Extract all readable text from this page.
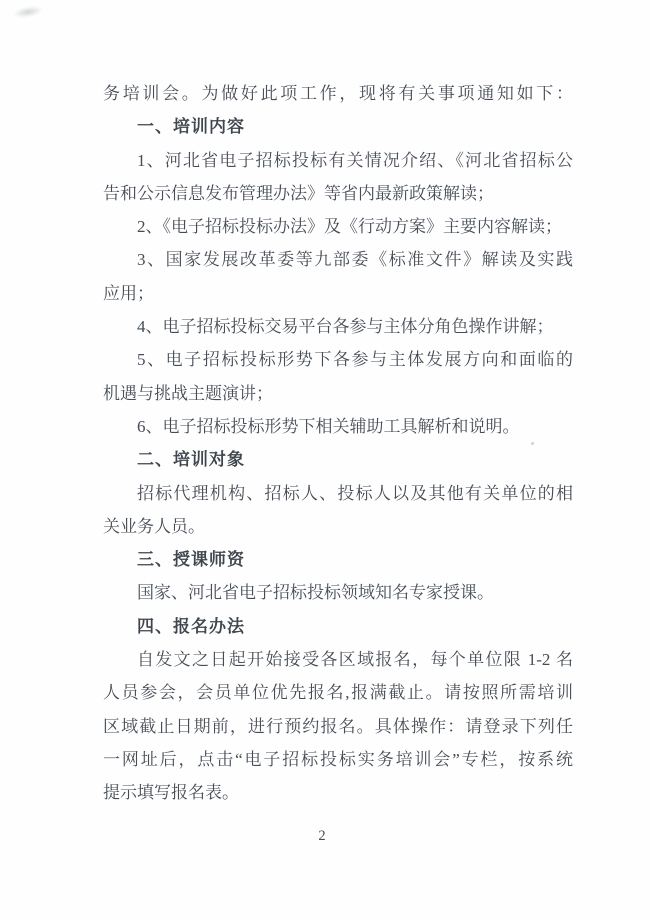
务培训会。为做好此项工作，现将有关事项通知如下：
一、培训内容
1、河北省电子招标投标有关情况介绍、《河北省招标公
告和公示信息发布管理办法》等省内最新政策解读；
2、《电子招标投标办法》及《行动方案》主要内容解读；
3、国家发展改革委等九部委《标准文件》解读及实践
应用；
4、电子招标投标交易平台各参与主体分角色操作讲解；
5、电子招标投标形势下各参与主体发展方向和面临的
机遇与挑战主题演讲；
6、电子招标投标形势下相关辅助工具解析和说明。
二、培训对象
招标代理机构、招标人、投标人以及其他有关单位的相
关业务人员。
三、授课师资
国家、河北省电子招标投标领域知名专家授课。
四、报名办法
自发文之日起开始接受各区域报名，每个单位限 1-2 名
人员参会，会员单位优先报名,报满截止。请按照所需培训
区域截止日期前，进行预约报名。具体操作：请登录下列任
一网址后，点击“电子招标投标实务培训会”专栏，按系统
提示填写报名表。
2
